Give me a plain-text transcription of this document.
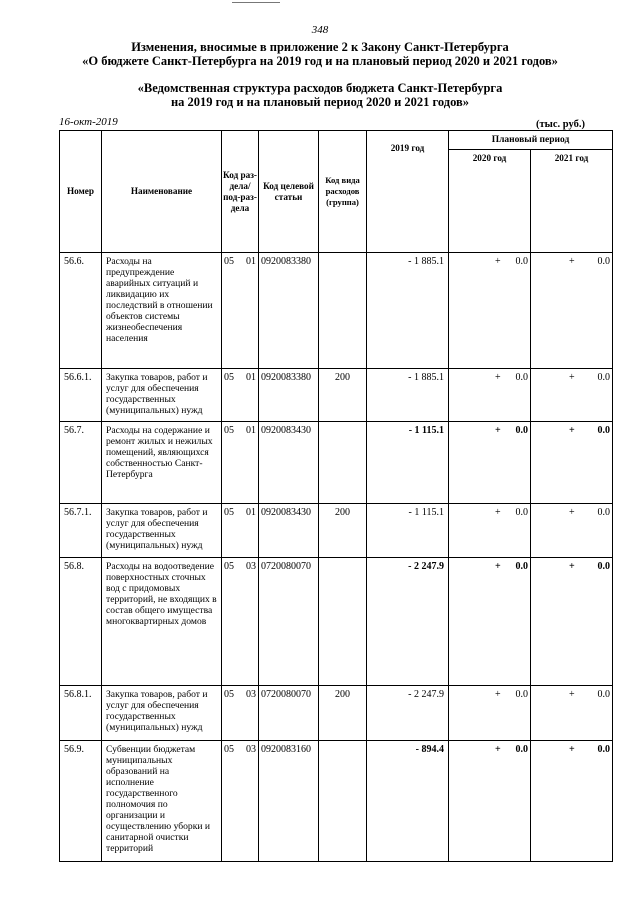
348
Изменения, вносимые в приложение 2 к Закону Санкт-Петербурга
«О бюджете Санкт-Петербурга на 2019 год и на плановый период 2020 и 2021 годов»
«Ведомственная структура расходов бюджета Санкт-Петербурга
на 2019 год и на плановый период 2020 и 2021 годов»
16-окт-2019	(тыс. руб.)
Номер	Наименование	Код раз-дела/ под-раз-дела	Код целевой статьи	Код вида расходов (группа)	2019 год	Плановый период	
						2020 год	2021 год
56.6.	Расходы на предупреждение аварийных ситуаций и ликвидацию их последствий в отношении объектов системы жизнеобеспечения населения	05 01	0920083380		- 1 885.1	+ 0.0	+ 0.0

56.6.1.	Закупка товаров, работ и услуг для обеспечения государственных (муниципальных) нужд	05 01	0920083380	200	- 1 885.1	+ 0.0	+ 0.0

56.7.	Расходы на содержание и ремонт жилых и нежилых помещений, являющихся собственностью Санкт-Петербурга	05 01	0920083430		- 1 115.1	+ 0.0	+ 0.0

56.7.1.	Закупка товаров, работ и услуг для обеспечения государственных (муниципальных) нужд	05 01	0920083430	200	- 1 115.1	+ 0.0	+ 0.0

56.8.	Расходы на водоотведение поверхностных сточных вод с придомовых территорий, не входящих в состав общего имущества многоквартирных домов	05 03	0720080070		- 2 247.9	+ 0.0	+ 0.0

56.8.1.	Закупка товаров, работ и услуг для обеспечения государственных (муниципальных) нужд	05 03	0720080070	200	- 2 247.9	+ 0.0	+ 0.0

56.9.	Субвенции бюджетам муниципальных образований на исполнение государственного полномочия по организации и осуществлению уборки и санитарной очистки территорий	05 03	0920083160		- 894.4	+ 0.0	+ 0.0
